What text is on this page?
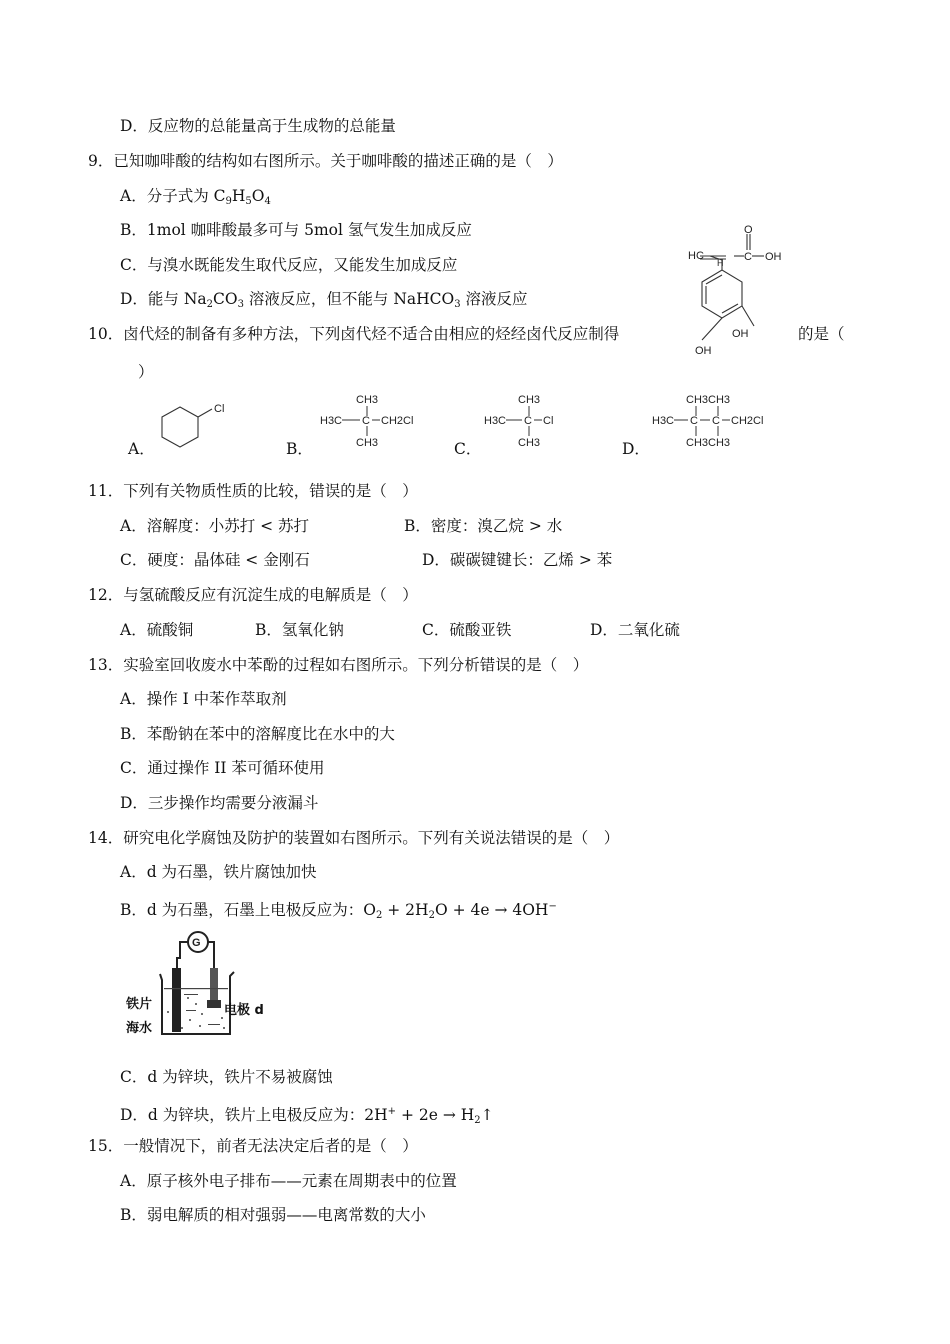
D．反应物的总能量高于生成物的总能量
9．已知咖啡酸的结构如右图所示。关于咖啡酸的描述正确的是（　）
A．分子式为 $C_9H_5O_4$
B．1mol 咖啡酸最多可与 5mol 氢气发生加成反应
C．与溴水既能发生取代反应，又能发生加成反应
D．能与 $Na_2CO_3$ 溶液反应，但不能与 NaHCO$_3$ 溶液反应
HC
H C OH
O
OH
OH
10．卤代烃的制备有多种方法，下列卤代烃不适合由相应的烃经卤代反应制得	的是（
）
A．
Cl
B．
CH3
H3C C CH2Cl
CH3	C．
CH3
H3C C Cl
CH3	D．
CH3CH3
H3C C C CH2Cl
CH3CH3
11．下列有关物质性质的比较，错误的是（　）
A．溶解度：小苏打 < 苏打	B．密度：溴乙烷 > 水
C．硬度：晶体硅 < 金刚石	D．碳碳键键长：乙烯 > 苯
12．与氢硫酸反应有沉淀生成的电解质是（　）
A．硫酸铜	B．氢氧化钠	C．硫酸亚铁	D．二氧化硫
13．实验室回收废水中苯酚的过程如右图所示。下列分析错误的是（　）
A．操作 I 中苯作萃取剂
B．苯酚钠在苯中的溶解度比在水中的大
C．通过操作 II 苯可循环使用
D．三步操作均需要分液漏斗
14．研究电化学腐蚀及防护的装置如右图所示。下列有关说法错误的是（　）
A．d 为石墨，铁片腐蚀加快
B．d 为石墨，石墨上电极反应为：$O_2 + 2H_2O + 4e \to 4OH^-$
G
铁片
海水
电极 d
C．d 为锌块，铁片不易被腐蚀
D．d 为锌块，铁片上电极反应为：$2H^+ + 2e \to H_2↑$
15．一般情况下，前者无法决定后者的是（　）
A．原子核外电子排布——元素在周期表中的位置
B．弱电解质的相对强弱——电离常数的大小
